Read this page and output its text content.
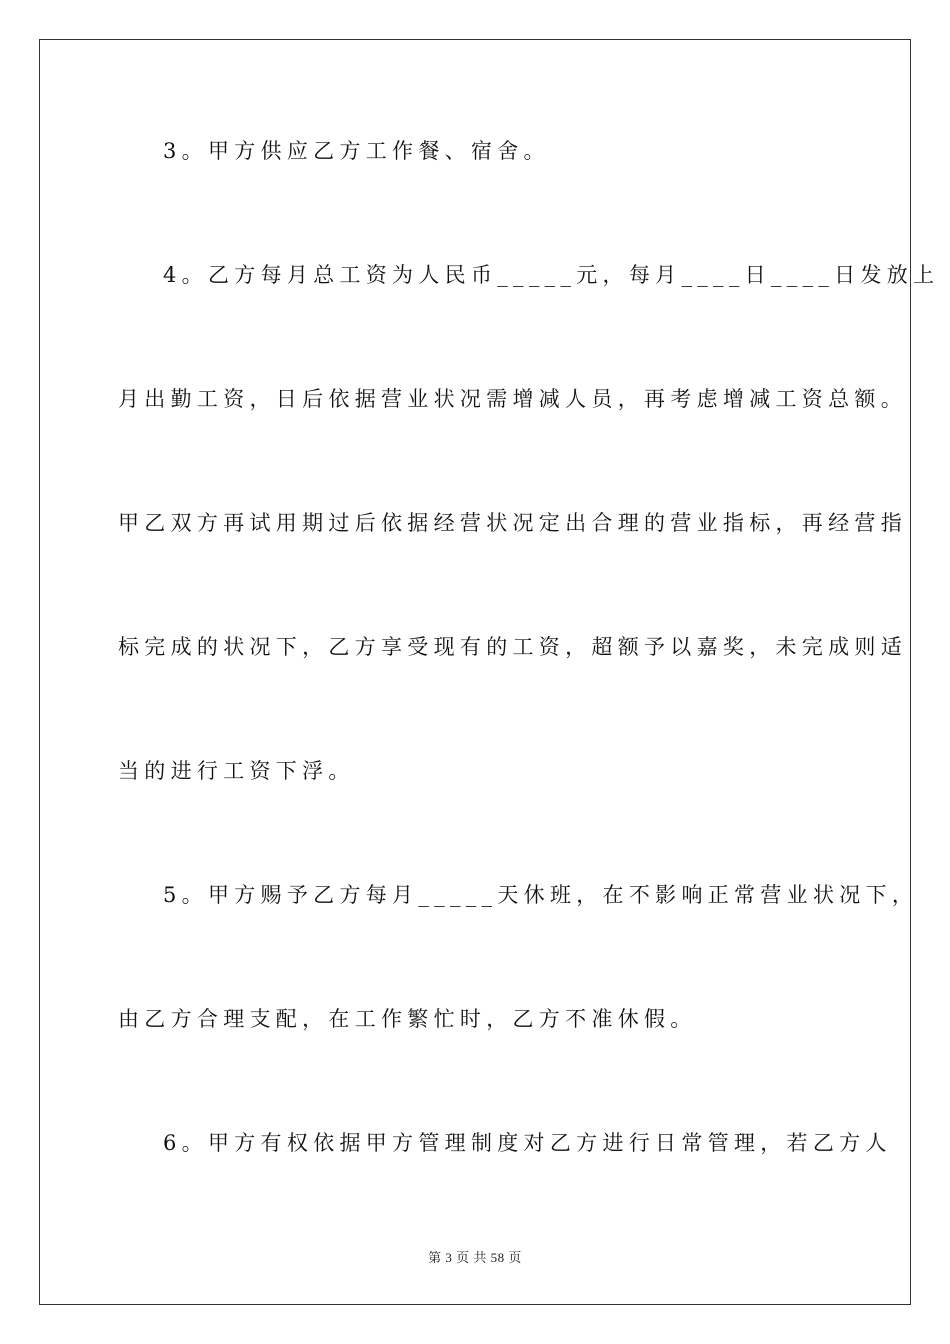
3。甲方供应乙方工作餐、宿舍。
4。乙方每月总工资为人民币_____元，每月____日____日发放上
月出勤工资，日后依据营业状况需增减人员，再考虑增减工资总额。
甲乙双方再试用期过后依据经营状况定出合理的营业指标，再经营指
标完成的状况下，乙方享受现有的工资，超额予以嘉奖，未完成则适
当的进行工资下浮。
5。甲方赐予乙方每月_____天休班，在不影响正常营业状况下，
由乙方合理支配，在工作繁忙时，乙方不准休假。
6。甲方有权依据甲方管理制度对乙方进行日常管理，若乙方人
第 3 页 共 58 页
